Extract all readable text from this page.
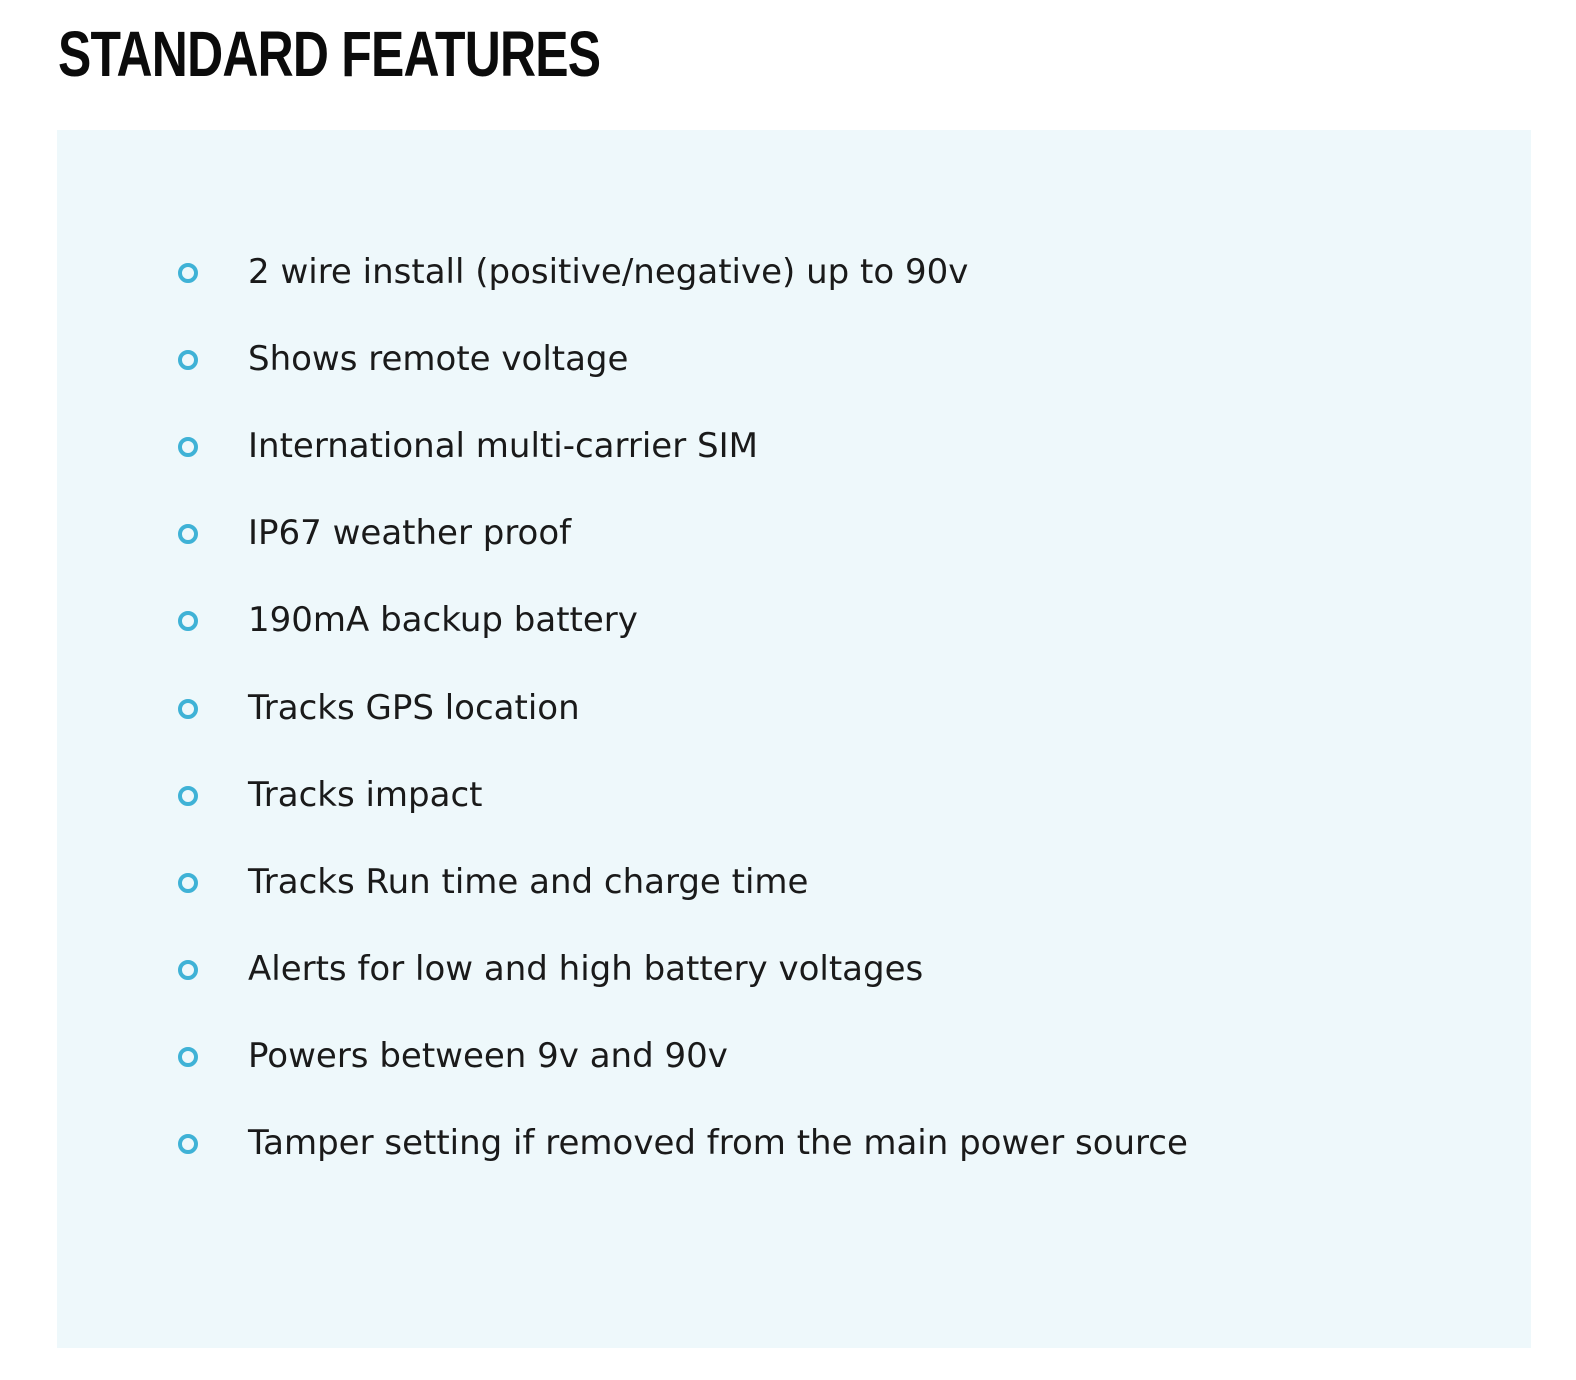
STANDARD FEATURES
2 wire install (positive/negative) up to 90v
Shows remote voltage
International multi-carrier SIM
IP67 weather proof
190mA backup battery
Tracks GPS location
Tracks impact
Tracks Run time and charge time
Alerts for low and high battery voltages
Powers between 9v and 90v
Tamper setting if removed from the main power source
